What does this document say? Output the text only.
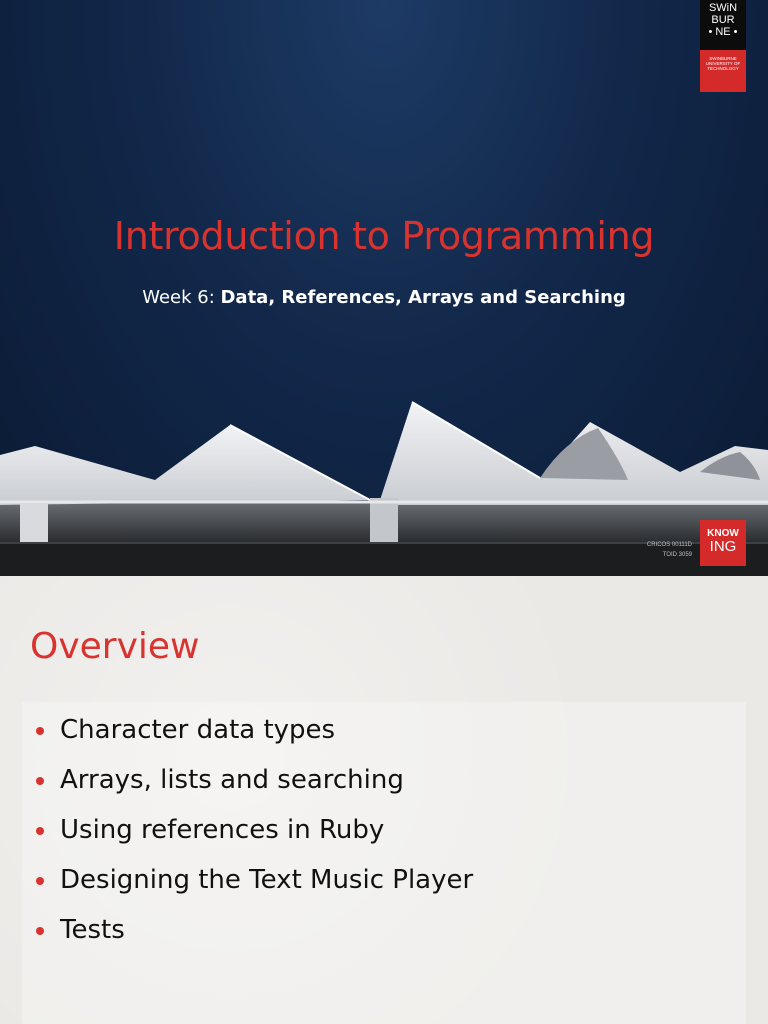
SWiN
BUR
• NE •
SWINBURNE UNIVERSITY OF TECHNOLOGY
Introduction to Programming
Week 6: Data, References, Arrays and Searching
CRICOS 00111D
TOID 3059
KNOW
ING
Overview
Character data types
Arrays, lists and searching
Using references in Ruby
Designing the Text Music Player
Tests
